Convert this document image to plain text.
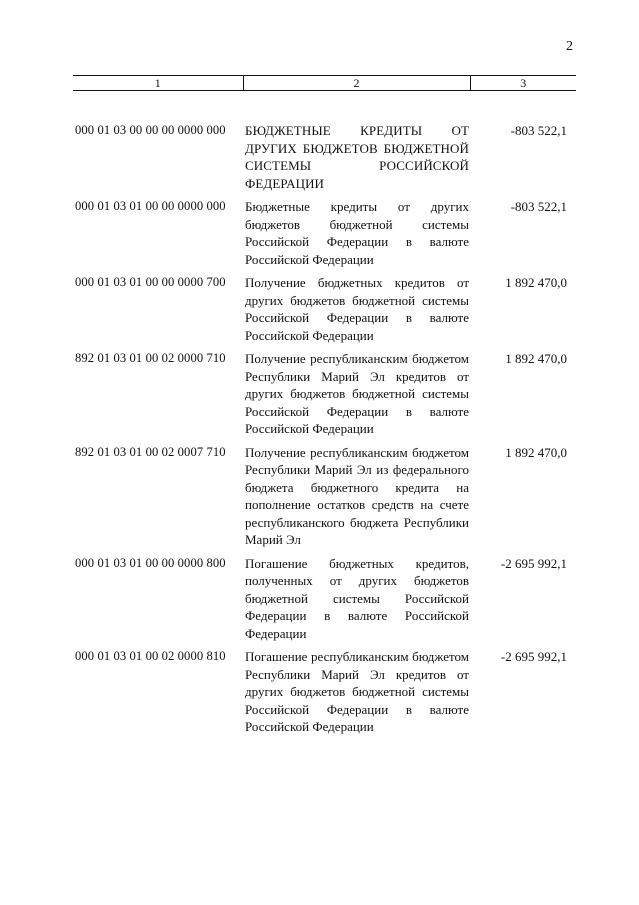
2
1	2	3
000 01 03 00 00 00 0000 000	БЮДЖЕТНЫЕ КРЕДИТЫ ОТ ДРУГИХ БЮДЖЕТОВ БЮДЖЕТНОЙ СИСТЕМЫ РОССИЙСКОЙ ФЕДЕРАЦИИ	-803 522,1
000 01 03 01 00 00 0000 000	Бюджетные кредиты от других бюджетов бюджетной системы Российской Федерации в валюте Российской Федерации	-803 522,1
000 01 03 01 00 00 0000 700	Получение бюджетных кредитов от других бюджетов бюджетной системы Российской Федерации в валюте Российской Федерации	1 892 470,0
892 01 03 01 00 02 0000 710	Получение республиканским бюджетом Республики Марий Эл кредитов от других бюджетов бюджетной системы Российской Федерации в валюте Российской Федерации	1 892 470,0
892 01 03 01 00 02 0007 710	Получение республиканским бюджетом Республики Марий Эл из федерального бюджета бюджетного кредита на пополнение остатков средств на счете республиканского бюджета Республики Марий Эл	1 892 470,0
000 01 03 01 00 00 0000 800	Погашение бюджетных кредитов, полученных от других бюджетов бюджетной системы Российской Федерации в валюте Российской Федерации	-2 695 992,1
000 01 03 01 00 02 0000 810	Погашение республиканским бюджетом Республики Марий Эл кредитов от других бюджетов бюджетной системы Российской Федерации в валюте Российской Федерации	-2 695 992,1
